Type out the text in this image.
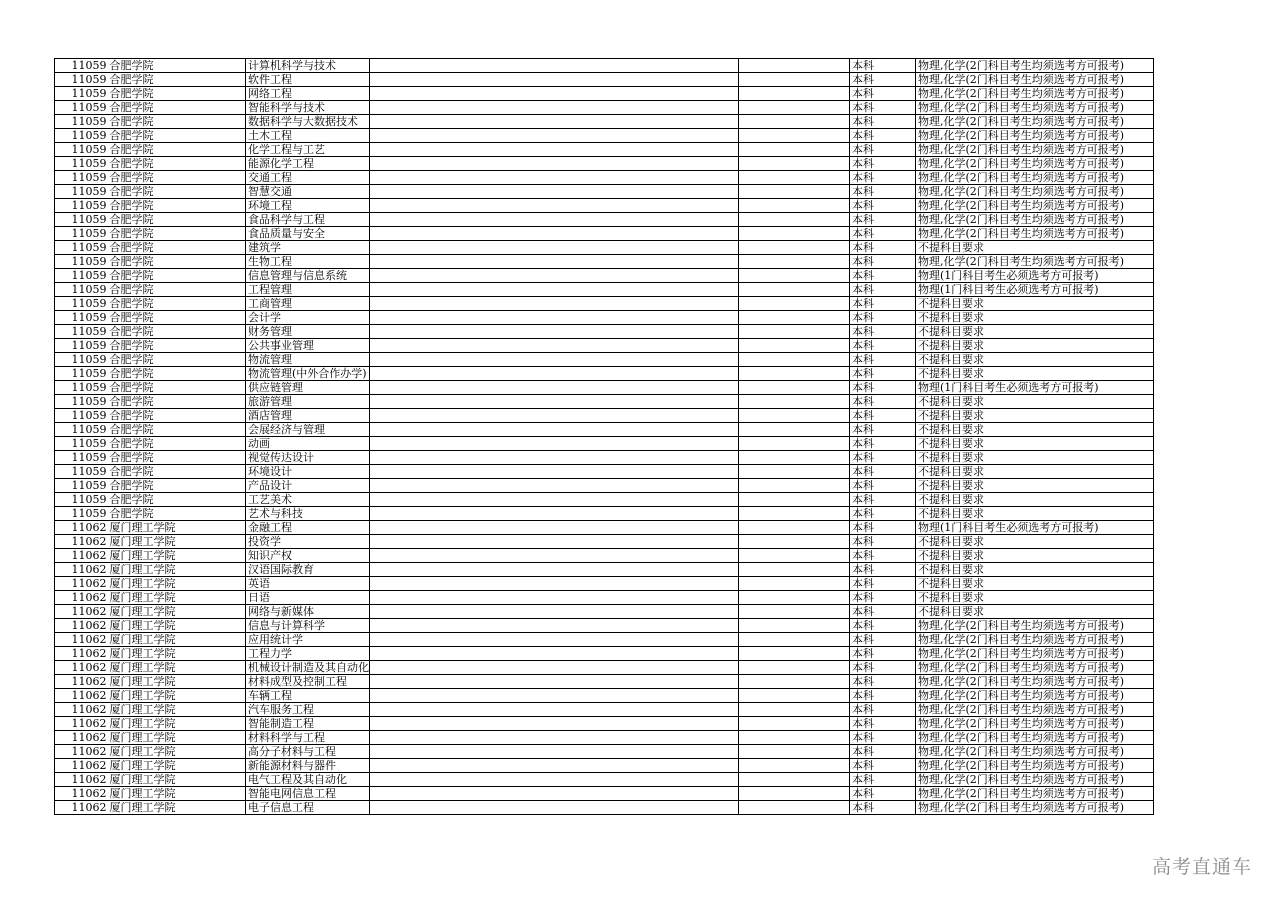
11059	合肥学院	计算机科学与技术			本科	物理,化学(2门科目考生均须选考方可报考)
11059	合肥学院	软件工程			本科	物理,化学(2门科目考生均须选考方可报考)
11059	合肥学院	网络工程			本科	物理,化学(2门科目考生均须选考方可报考)
11059	合肥学院	智能科学与技术			本科	物理,化学(2门科目考生均须选考方可报考)
11059	合肥学院	数据科学与大数据技术			本科	物理,化学(2门科目考生均须选考方可报考)
11059	合肥学院	土木工程			本科	物理,化学(2门科目考生均须选考方可报考)
11059	合肥学院	化学工程与工艺			本科	物理,化学(2门科目考生均须选考方可报考)
11059	合肥学院	能源化学工程			本科	物理,化学(2门科目考生均须选考方可报考)
11059	合肥学院	交通工程			本科	物理,化学(2门科目考生均须选考方可报考)
11059	合肥学院	智慧交通			本科	物理,化学(2门科目考生均须选考方可报考)
11059	合肥学院	环境工程			本科	物理,化学(2门科目考生均须选考方可报考)
11059	合肥学院	食品科学与工程			本科	物理,化学(2门科目考生均须选考方可报考)
11059	合肥学院	食品质量与安全			本科	物理,化学(2门科目考生均须选考方可报考)
11059	合肥学院	建筑学			本科	不提科目要求
11059	合肥学院	生物工程			本科	物理,化学(2门科目考生均须选考方可报考)
11059	合肥学院	信息管理与信息系统			本科	物理(1门科目考生必须选考方可报考)
11059	合肥学院	工程管理			本科	物理(1门科目考生必须选考方可报考)
11059	合肥学院	工商管理			本科	不提科目要求
11059	合肥学院	会计学			本科	不提科目要求
11059	合肥学院	财务管理			本科	不提科目要求
11059	合肥学院	公共事业管理			本科	不提科目要求
11059	合肥学院	物流管理			本科	不提科目要求
11059	合肥学院	物流管理(中外合作办学)			本科	不提科目要求
11059	合肥学院	供应链管理			本科	物理(1门科目考生必须选考方可报考)
11059	合肥学院	旅游管理			本科	不提科目要求
11059	合肥学院	酒店管理			本科	不提科目要求
11059	合肥学院	会展经济与管理			本科	不提科目要求
11059	合肥学院	动画			本科	不提科目要求
11059	合肥学院	视觉传达设计			本科	不提科目要求
11059	合肥学院	环境设计			本科	不提科目要求
11059	合肥学院	产品设计			本科	不提科目要求
11059	合肥学院	工艺美术			本科	不提科目要求
11059	合肥学院	艺术与科技			本科	不提科目要求
11062	厦门理工学院	金融工程			本科	物理(1门科目考生必须选考方可报考)
11062	厦门理工学院	投资学			本科	不提科目要求
11062	厦门理工学院	知识产权			本科	不提科目要求
11062	厦门理工学院	汉语国际教育			本科	不提科目要求
11062	厦门理工学院	英语			本科	不提科目要求
11062	厦门理工学院	日语			本科	不提科目要求
11062	厦门理工学院	网络与新媒体			本科	不提科目要求
11062	厦门理工学院	信息与计算科学			本科	物理,化学(2门科目考生均须选考方可报考)
11062	厦门理工学院	应用统计学			本科	物理,化学(2门科目考生均须选考方可报考)
11062	厦门理工学院	工程力学			本科	物理,化学(2门科目考生均须选考方可报考)
11062	厦门理工学院	机械设计制造及其自动化			本科	物理,化学(2门科目考生均须选考方可报考)
11062	厦门理工学院	材料成型及控制工程			本科	物理,化学(2门科目考生均须选考方可报考)
11062	厦门理工学院	车辆工程			本科	物理,化学(2门科目考生均须选考方可报考)
11062	厦门理工学院	汽车服务工程			本科	物理,化学(2门科目考生均须选考方可报考)
11062	厦门理工学院	智能制造工程			本科	物理,化学(2门科目考生均须选考方可报考)
11062	厦门理工学院	材料科学与工程			本科	物理,化学(2门科目考生均须选考方可报考)
11062	厦门理工学院	高分子材料与工程			本科	物理,化学(2门科目考生均须选考方可报考)
11062	厦门理工学院	新能源材料与器件			本科	物理,化学(2门科目考生均须选考方可报考)
11062	厦门理工学院	电气工程及其自动化			本科	物理,化学(2门科目考生均须选考方可报考)
11062	厦门理工学院	智能电网信息工程			本科	物理,化学(2门科目考生均须选考方可报考)
11062	厦门理工学院	电子信息工程			本科	物理,化学(2门科目考生均须选考方可报考)
高考直通车
